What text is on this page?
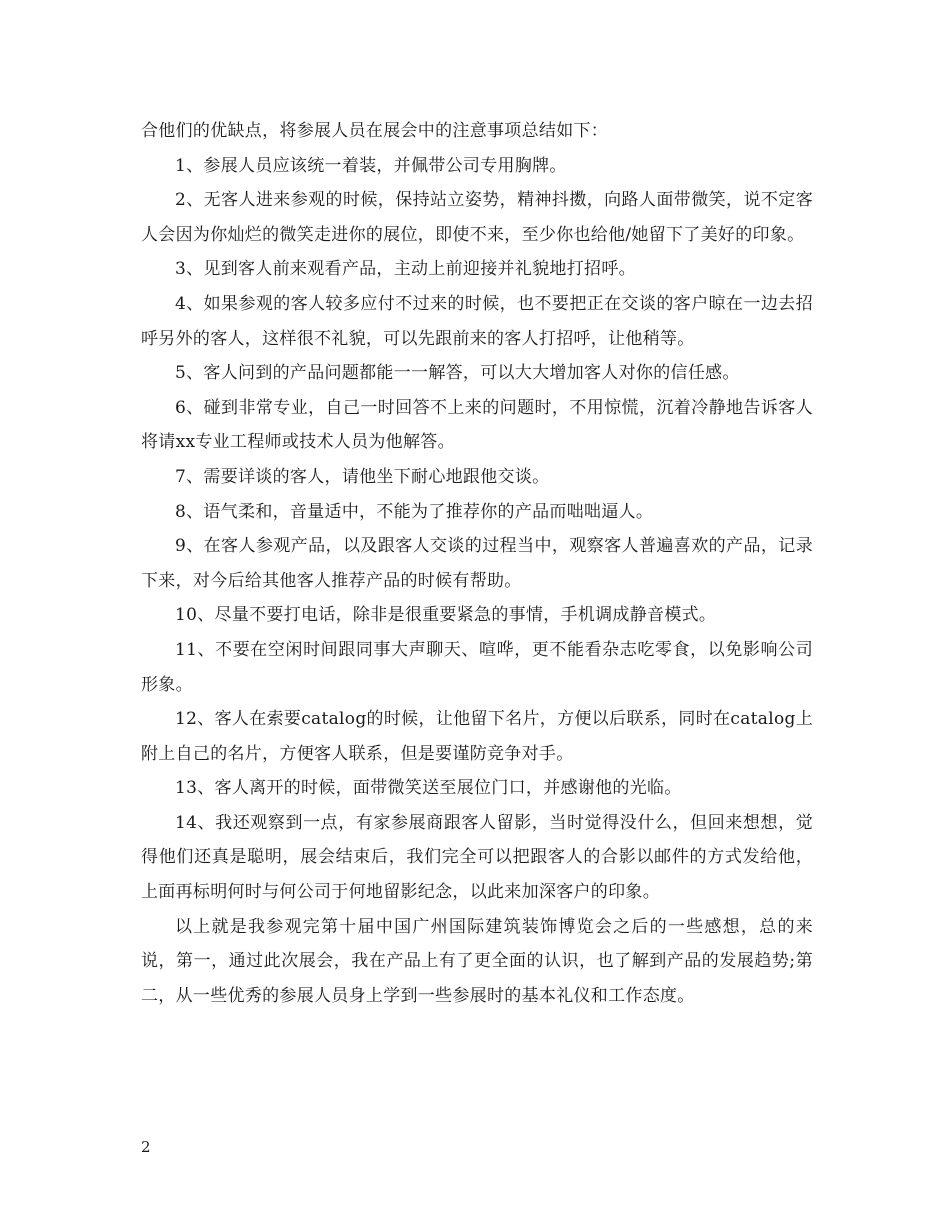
合他们的优缺点，将参展人员在展会中的注意事项总结如下：

1、参展人员应该统一着装，并佩带公司专用胸牌。

2、无客人进来参观的时候，保持站立姿势，精神抖擞，向路人面带微笑，说不定客人会因为你灿烂的微笑走进你的展位，即使不来，至少你也给他/她留下了美好的印象。

3、见到客人前来观看产品，主动上前迎接并礼貌地打招呼。

4、如果参观的客人较多应付不过来的时候，也不要把正在交谈的客户晾在一边去招呼另外的客人，这样很不礼貌，可以先跟前来的客人打招呼，让他稍等。

5、客人问到的产品问题都能一一解答，可以大大增加客人对你的信任感。

6、碰到非常专业，自己一时回答不上来的问题时，不用惊慌，沉着冷静地告诉客人将请xx专业工程师或技术人员为他解答。

7、需要详谈的客人，请他坐下耐心地跟他交谈。

8、语气柔和，音量适中，不能为了推荐你的产品而咄咄逼人。

9、在客人参观产品，以及跟客人交谈的过程当中，观察客人普遍喜欢的产品，记录下来，对今后给其他客人推荐产品的时候有帮助。

10、尽量不要打电话，除非是很重要紧急的事情，手机调成静音模式。

11、不要在空闲时间跟同事大声聊天、喧哗，更不能看杂志吃零食，以免影响公司形象。

12、客人在索要catalog的时候，让他留下名片，方便以后联系，同时在catalog上附上自己的名片，方便客人联系，但是要谨防竞争对手。

13、客人离开的时候，面带微笑送至展位门口，并感谢他的光临。

14、我还观察到一点，有家参展商跟客人留影，当时觉得没什么，但回来想想，觉得他们还真是聪明，展会结束后，我们完全可以把跟客人的合影以邮件的方式发给他，上面再标明何时与何公司于何地留影纪念，以此来加深客户的印象。

以上就是我参观完第十届中国广州国际建筑装饰博览会之后的一些感想，总的来说，第一，通过此次展会，我在产品上有了更全面的认识，也了解到产品的发展趋势;第二，从一些优秀的参展人员身上学到一些参展时的基本礼仪和工作态度。

2
